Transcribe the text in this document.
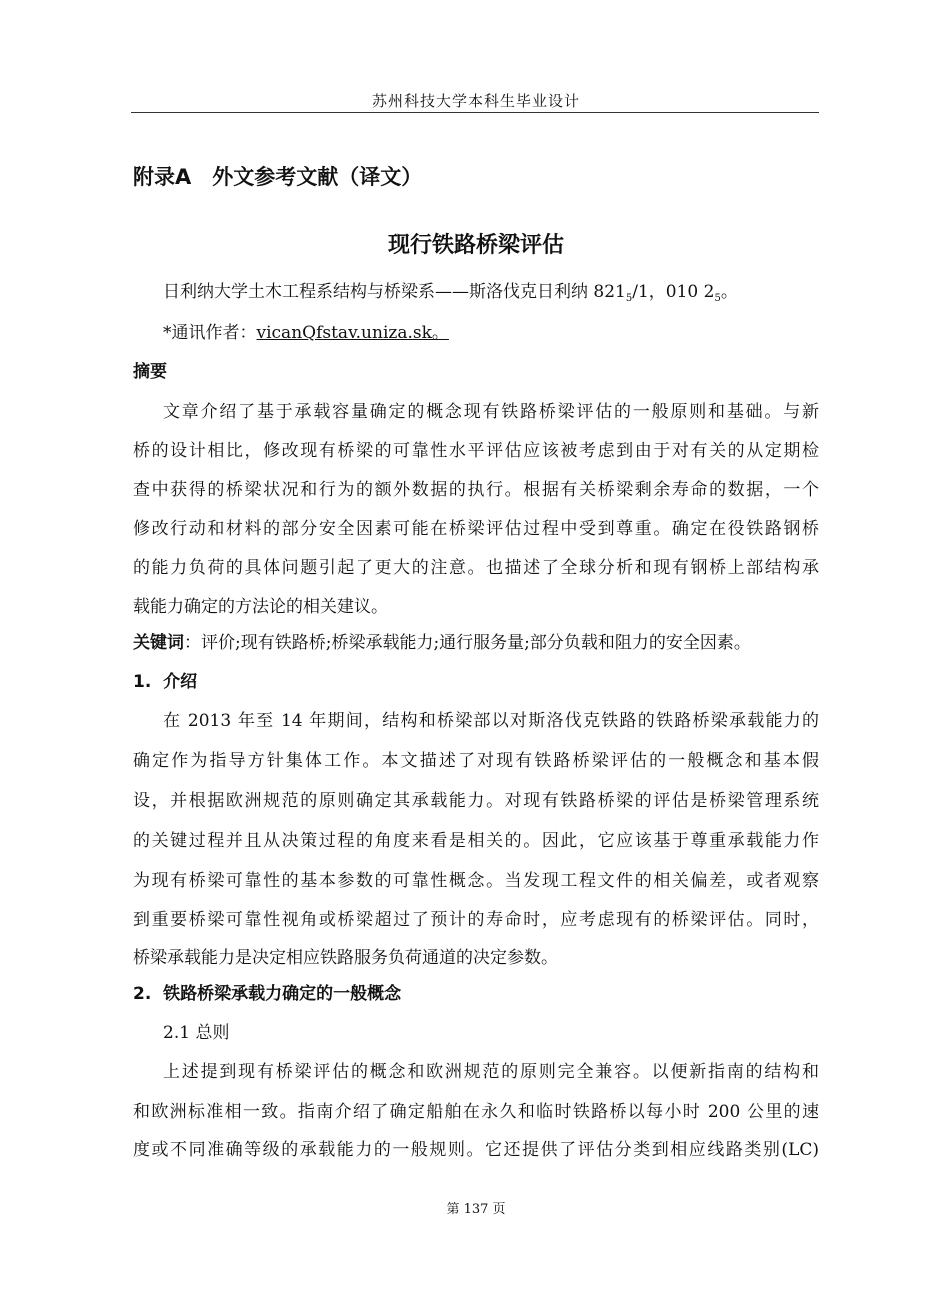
苏州科技大学本科生毕业设计
附录A　外文参考文献（译文）
现行铁路桥梁评估
日利纳大学土木工程系结构与桥梁系——斯洛伐克日利纳 $821_5/1$，010 $2_5$。
*通讯作者：vicanQfstav.uniza.sk。
摘要
文章介绍了基于承载容量确定的概念现有铁路桥梁评估的一般原则和基础。与新
桥的设计相比，修改现有桥梁的可靠性水平评估应该被考虑到由于对有关的从定期检
查中获得的桥梁状况和行为的额外数据的执行。根据有关桥梁剩余寿命的数据，一个
修改行动和材料的部分安全因素可能在桥梁评估过程中受到尊重。确定在役铁路钢桥
的能力负荷的具体问题引起了更大的注意。也描述了全球分析和现有钢桥上部结构承
载能力确定的方法论的相关建议。
关键词：评价;现有铁路桥;桥梁承载能力;通行服务量;部分负载和阻力的安全因素。
1.  介绍
在 2013 年至 14 年期间，结构和桥梁部以对斯洛伐克铁路的铁路桥梁承载能力的
确定作为指导方针集体工作。本文描述了对现有铁路桥梁评估的一般概念和基本假
设，并根据欧洲规范的原则确定其承载能力。对现有铁路桥梁的评估是桥梁管理系统
的关键过程并且从决策过程的角度来看是相关的。因此，它应该基于尊重承载能力作
为现有桥梁可靠性的基本参数的可靠性概念。当发现工程文件的相关偏差，或者观察
到重要桥梁可靠性视角或桥梁超过了预计的寿命时，应考虑现有的桥梁评估。同时，
桥梁承载能力是决定相应铁路服务负荷通道的决定参数。
2.  铁路桥梁承载力确定的一般概念
2.1 总则
上述提到现有桥梁评估的概念和欧洲规范的原则完全兼容。以便新指南的结构和
和欧洲标准相一致。指南介绍了确定船舶在永久和临时铁路桥以每小时 200 公里的速
度或不同准确等级的承载能力的一般规则。它还提供了评估分类到相应线路类别(LC)
第 137 页
